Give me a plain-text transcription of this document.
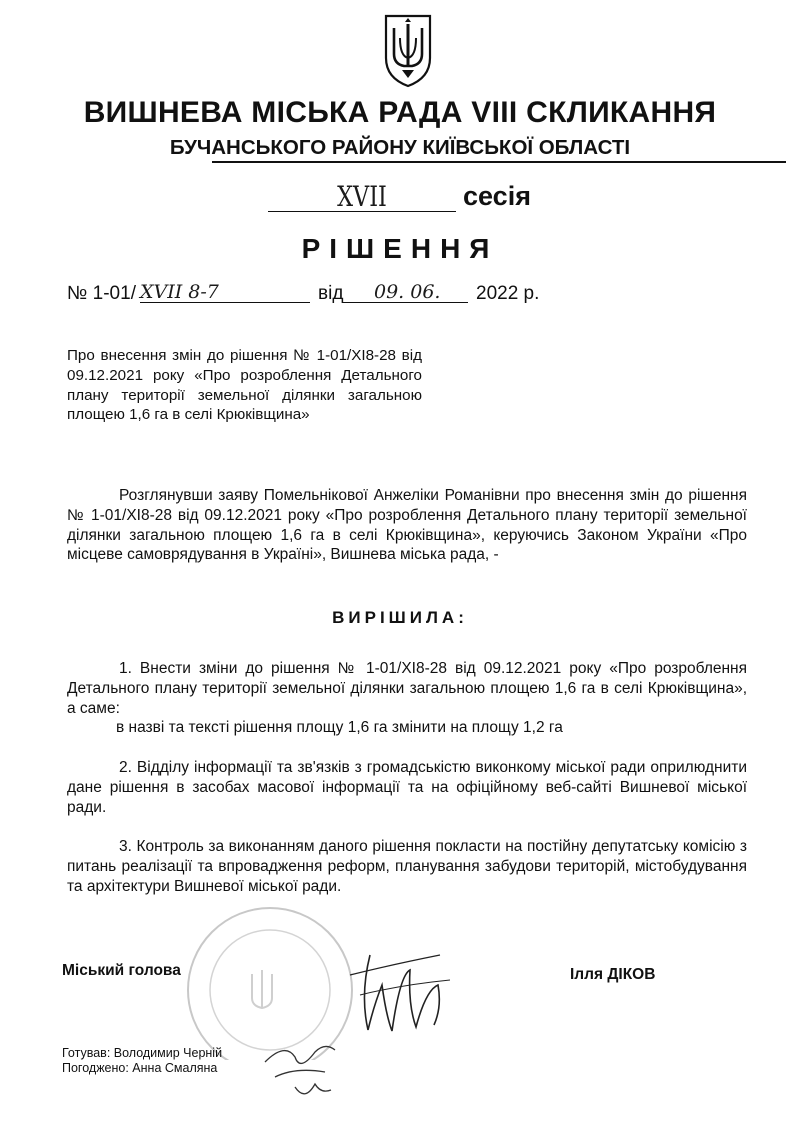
ВИШНЕВА МІСЬКА РАДА VIII СКЛИКАННЯ
БУЧАНСЬКОГО РАЙОНУ КИЇВСЬКОЇ ОБЛАСТІ
XVII	сесія
РІШЕННЯ
№ 1-01/ XVII 8-7	від 09. 06. 2022 р.
Про внесення змін до рішення № 1-01/XI8-28 від 09.12.2021 року «Про розроблення Детального плану території земельної ділянки загальною площею 1,6 га в селі Крюківщина»
Розглянувши заяву Помельнікової Анжеліки Романівни про внесення змін до рішення № 1-01/XI8-28 від 09.12.2021 року «Про розроблення Детального плану території земельної ділянки загальною площею 1,6 га в селі Крюківщина», керуючись Законом України «Про місцеве самоврядування в Україні», Вишнева міська рада, -
ВИРІШИЛА:
1. Внести зміни до рішення № 1-01/XI8-28 від 09.12.2021 року «Про розроблення Детального плану території земельної ділянки загальною площею 1,6 га в селі Крюківщина», а саме:
в назві та тексті рішення площу 1,6 га змінити на площу 1,2 га
2. Відділу інформації та зв'язків з громадськістю виконкому міської ради оприлюднити дане рішення в засобах масової інформації та на офіційному веб-сайті Вишневої міської ради.
3. Контроль за виконанням даного рішення покласти на постійну депутатську комісію з питань реалізації та впровадження реформ, планування забудови територій, містобудування та архітектури Вишневої міської ради.
Міський голова	Ілля ДІКОВ
Готував: Володимир Черній
Погоджено: Анна Смаляна
